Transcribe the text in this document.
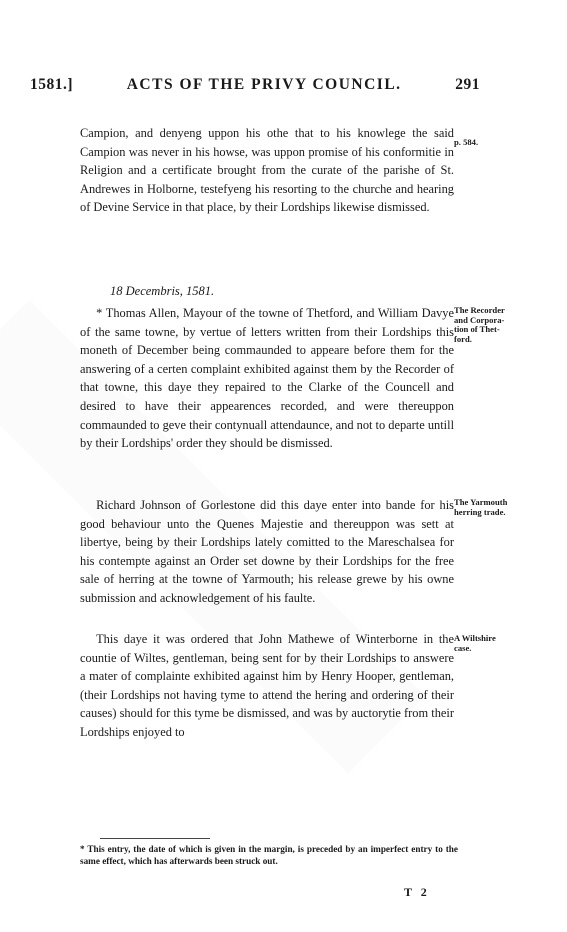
1581.]	ACTS OF THE PRIVY COUNCIL.	291

Campion, and denyeng uppon his othe that to his knowlege the said Campion was never in his howse, was uppon promise of his conformitie in Religion and a certificate brought from the curate of the parishe of St. Andrewes in Holborne, testefyeng his resorting to the churche and hearing of Devine Service in that place, by their Lordships likewise dismissed.

p. 584.
18 Decembris, 1581.

* Thomas Allen, Mayour of the towne of Thetford, and William Davye of the same towne, by vertue of letters written from their Lordships this moneth of December being commaunded to appeare before them for the answering of a certen complaint exhibited against them by the Recorder of that towne, this daye they repaired to the Clarke of the Councell and desired to have their appearences recorded, and were thereuppon commaunded to geve their contynuall attendaunce, and not to departe untill by their Lordships' order they should be dismissed.

The Recorder
and Corpora-
tion of Thet-
ford.

Richard Johnson of Gorlestone did this daye enter into bande for his good behaviour unto the Quenes Majestie and thereuppon was sett at libertye, being by their Lordships lately comitted to the Mareschalsea for his contempte against an Order set downe by their Lordships for the free sale of herring at the towne of Yarmouth; his release grewe by his owne submission and acknowledgement of his faulte.

The Yarmouth
herring trade.

This daye it was ordered that John Mathewe of Winterborne in the countie of Wiltes, gentleman, being sent for by their Lordships to answere a mater of complainte exhibited against him by Henry Hooper, gentleman, (their Lordships not having tyme to attend the hering and ordering of their causes) should for this tyme be dismissed, and was by auctorytie from their Lordships enjoyed to

A Wiltshire
case.
* This entry, the date of which is given in the margin, is preceded by an imperfect entry to the same effect, which has afterwards been struck out.
T 2
